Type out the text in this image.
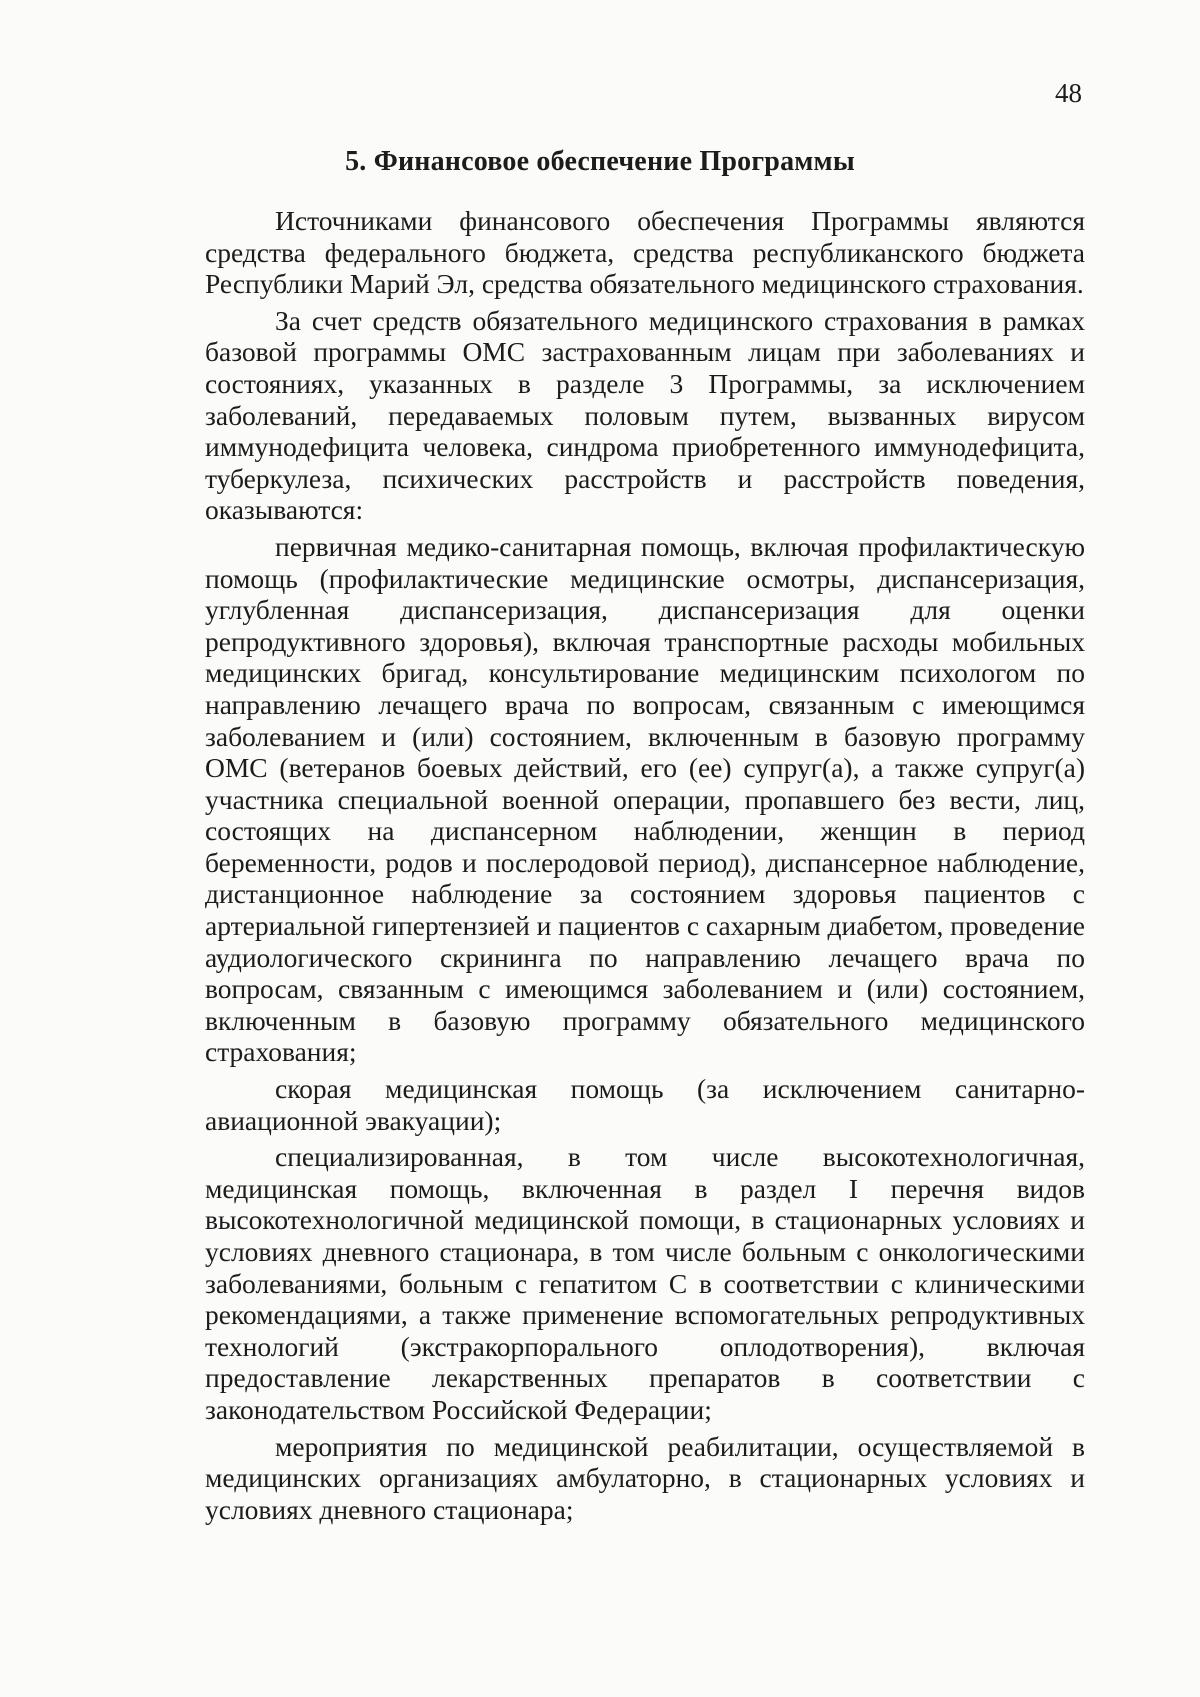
48
5. Финансовое обеспечение Программы

Источниками финансового обеспечения Программы являются средства федерального бюджета, средства республиканского бюджета Республики Марий Эл, средства обязательного медицинского страхования.

За счет средств обязательного медицинского страхования в рамках базовой программы ОМС застрахованным лицам при заболеваниях и состояниях, указанных в разделе 3 Программы, за исключением заболеваний, передаваемых половым путем, вызванных вирусом иммунодефицита человека, синдрома приобретенного иммунодефицита, туберкулеза, психических расстройств и расстройств поведения, оказываются:

первичная медико-санитарная помощь, включая профилактическую помощь (профилактические медицинские осмотры, диспансеризация, углубленная диспансеризация, диспансеризация для оценки репродуктивного здоровья), включая транспортные расходы мобильных медицинских бригад, консультирование медицинским психологом по направлению лечащего врача по вопросам, связанным с имеющимся заболеванием и (или) состоянием, включенным в базовую программу ОМС (ветеранов боевых действий, его (ее) супруг(а), а также супруг(а) участника специальной военной операции, пропавшего без вести, лиц, состоящих на диспансерном наблюдении, женщин в период беременности, родов и послеродовой период), диспансерное наблюдение, дистанционное наблюдение за состоянием здоровья пациентов с артериальной гипертензией и пациентов с сахарным диабетом, проведение аудиологического скрининга по направлению лечащего врача по вопросам, связанным с имеющимся заболеванием и (или) состоянием, включенным в базовую программу обязательного медицинского страхования;

скорая медицинская помощь (за исключением санитарно-авиационной эвакуации);

специализированная, в том числе высокотехнологичная, медицинская помощь, включенная в раздел I перечня видов высокотехнологичной медицинской помощи, в стационарных условиях и условиях дневного стационара, в том числе больным с онкологическими заболеваниями, больным с гепатитом С в соответствии с клиническими рекомендациями, а также применение вспомогательных репродуктивных технологий (экстракорпорального оплодотворения), включая предоставление лекарственных препаратов в соответствии с законодательством Российской Федерации;

мероприятия по медицинской реабилитации, осуществляемой в медицинских организациях амбулаторно, в стационарных условиях и условиях дневного стационара;
